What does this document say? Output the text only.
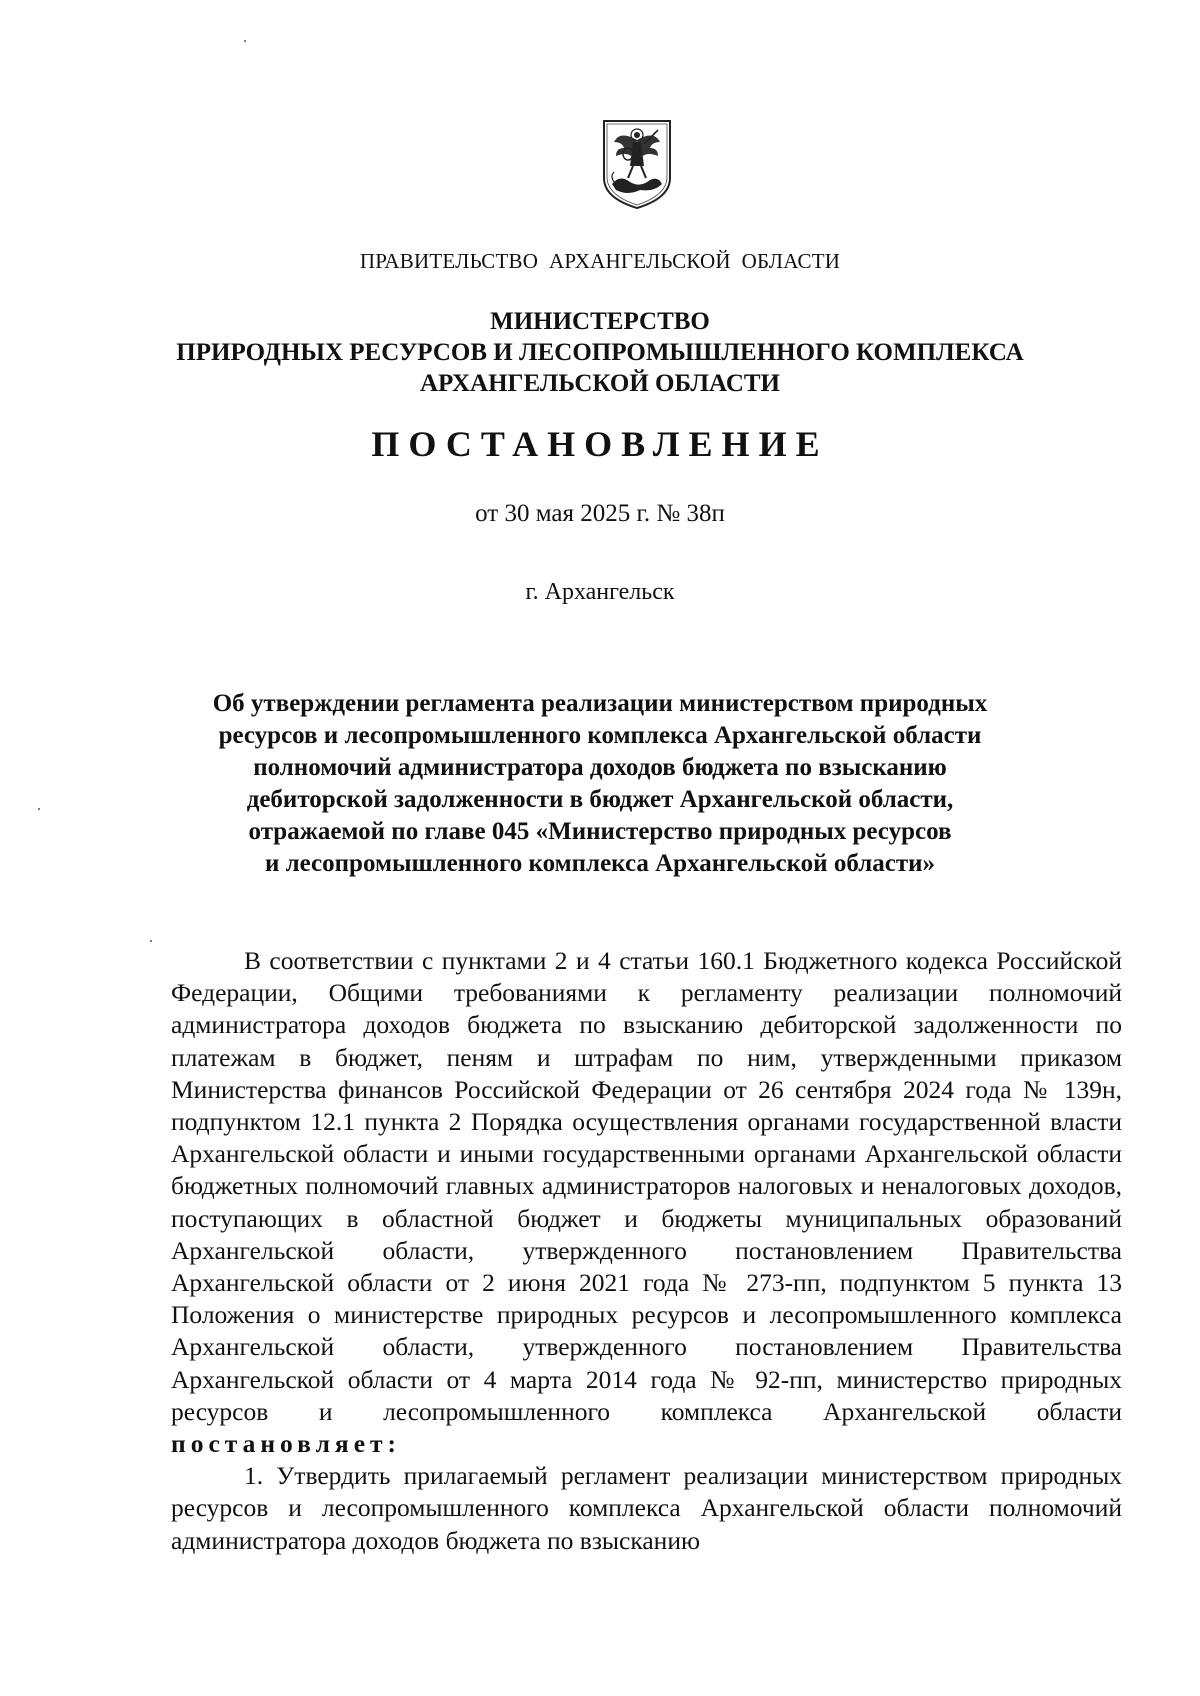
ПРАВИТЕЛЬСТВО  АРХАНГЕЛЬСКОЙ  ОБЛАСТИ
МИНИСТЕРСТВО
ПРИРОДНЫХ РЕСУРСОВ И ЛЕСОПРОМЫШЛЕННОГО КОМПЛЕКСА
АРХАНГЕЛЬСКОЙ ОБЛАСТИ
ПОСТАНОВЛЕНИЕ
от 30 мая 2025 г. № 38п
г. Архангельск
Об утверждении регламента реализации министерством природных
ресурсов и лесопромышленного комплекса Архангельской области
полномочий администратора доходов бюджета по взысканию
дебиторской задолженности в бюджет Архангельской области,
отражаемой по главе 045 «Министерство природных ресурсов
и лесопромышленного комплекса Архангельской области»

В соответствии с пунктами 2 и 4 статьи 160.1 Бюджетного кодекса Российской Федерации, Общими требованиями к регламенту реализации полномочий администратора доходов бюджета по взысканию дебиторской задолженности по платежам в бюджет, пеням и штрафам по ним, утвержденными приказом Министерства финансов Российской Федерации от 26 сентября 2024 года № 139н, подпунктом 12.1 пункта 2 Порядка осуществления органами государственной власти Архангельской области и иными государственными органами Архангельской области бюджетных полномочий главных администраторов налоговых и неналоговых доходов, поступающих в областной бюджет и бюджеты муниципальных образований Архангельской области, утвержденного постановлением Правительства Архангельской области от 2 июня 2021 года № 273-пп, подпунктом 5 пункта 13 Положения о министерстве природных ресурсов и лесопромышленного комплекса Архангельской области, утвержденного постановлением Правительства Архангельской области от 4 марта 2014 года № 92-пп, министерство природных ресурсов и лесопромышленного комплекса Архангельской области постановляет:

1. Утвердить прилагаемый регламент реализации министерством природных ресурсов и лесопромышленного комплекса Архангельской области полномочий администратора доходов бюджета по взысканию
